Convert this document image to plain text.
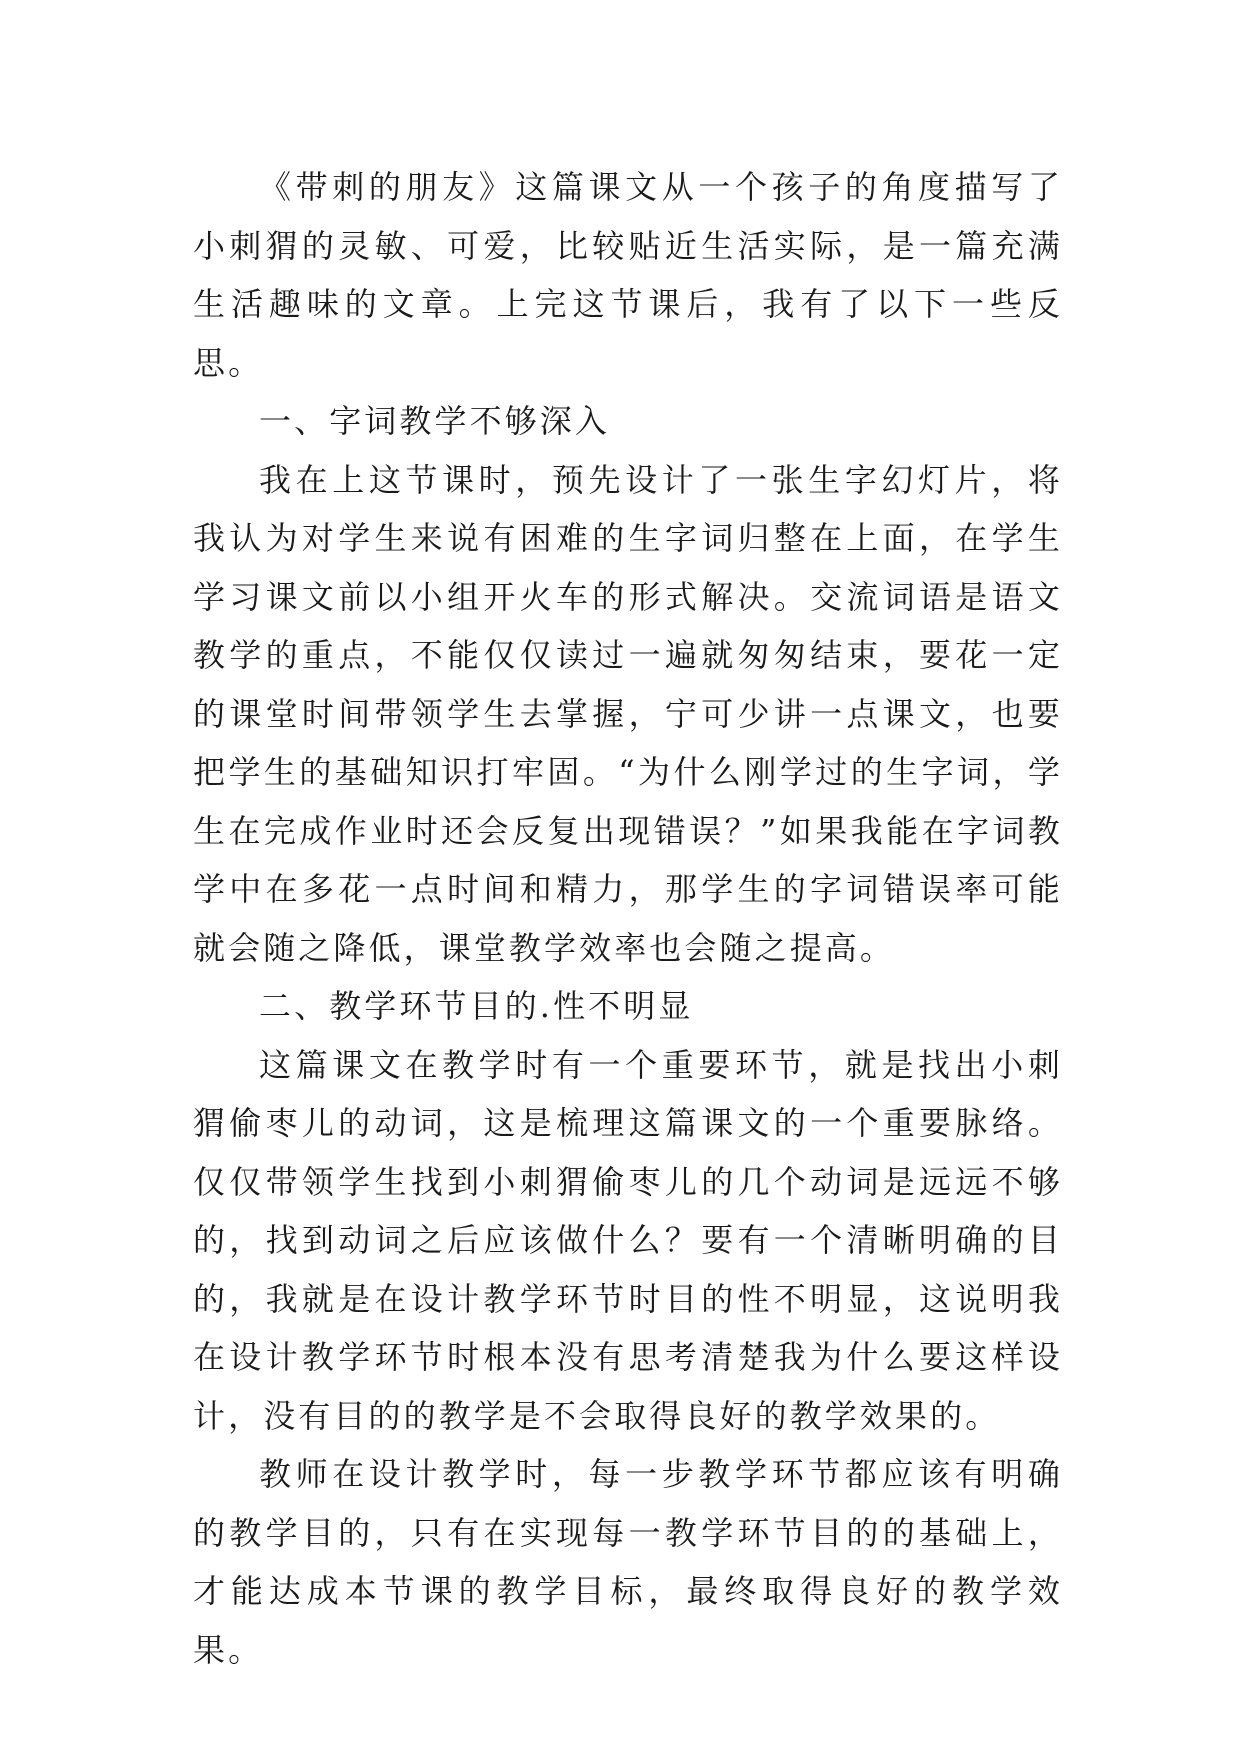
《带刺的朋友》这篇课文从一个孩子的角度描写了小刺猬的灵敏、可爱，比较贴近生活实际，是一篇充满生活趣味的文章。上完这节课后，我有了以下一些反思。

一、字词教学不够深入

我在上这节课时，预先设计了一张生字幻灯片，将我认为对学生来说有困难的生字词归整在上面，在学生学习课文前以小组开火车的形式解决。交流词语是语文教学的重点，不能仅仅读过一遍就匆匆结束，要花一定的课堂时间带领学生去掌握，宁可少讲一点课文，也要把学生的基础知识打牢固。“为什么刚学过的生字词，学生在完成作业时还会反复出现错误？”如果我能在字词教学中在多花一点时间和精力，那学生的字词错误率可能就会随之降低，课堂教学效率也会随之提高。

二、教学环节目的.性不明显

这篇课文在教学时有一个重要环节，就是找出小刺猬偷枣儿的动词，这是梳理这篇课文的一个重要脉络。仅仅带领学生找到小刺猬偷枣儿的几个动词是远远不够的，找到动词之后应该做什么？要有一个清晰明确的目的，我就是在设计教学环节时目的性不明显，这说明我在设计教学环节时根本没有思考清楚我为什么要这样设计，没有目的的教学是不会取得良好的教学效果的。

教师在设计教学时，每一步教学环节都应该有明确的教学目的，只有在实现每一教学环节目的的基础上，才能达成本节课的教学目标，最终取得良好的教学效果。
